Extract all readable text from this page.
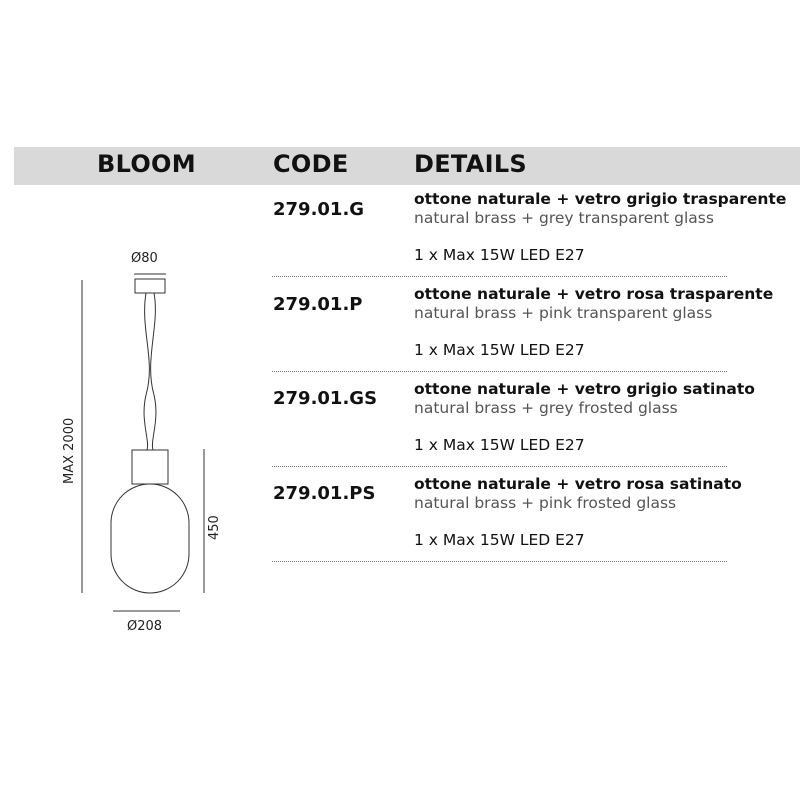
BLOOM	CODE	DETAILS
279.01.G	ottone naturale + vetro grigio trasparente
natural brass + grey transparent glass
1 x Max 15W LED E27
279.01.P	ottone naturale + vetro rosa trasparente
natural brass + pink transparent glass
1 x Max 15W LED E27
279.01.GS ottone naturale + vetro grigio satinato
natural brass + grey frosted glass
1 x Max 15W LED E27
279.01.PS ottone naturale + vetro rosa satinato
natural brass + pink frosted glass
1 x Max 15W LED E27
Ø80
MAX 2000
450
Ø208
